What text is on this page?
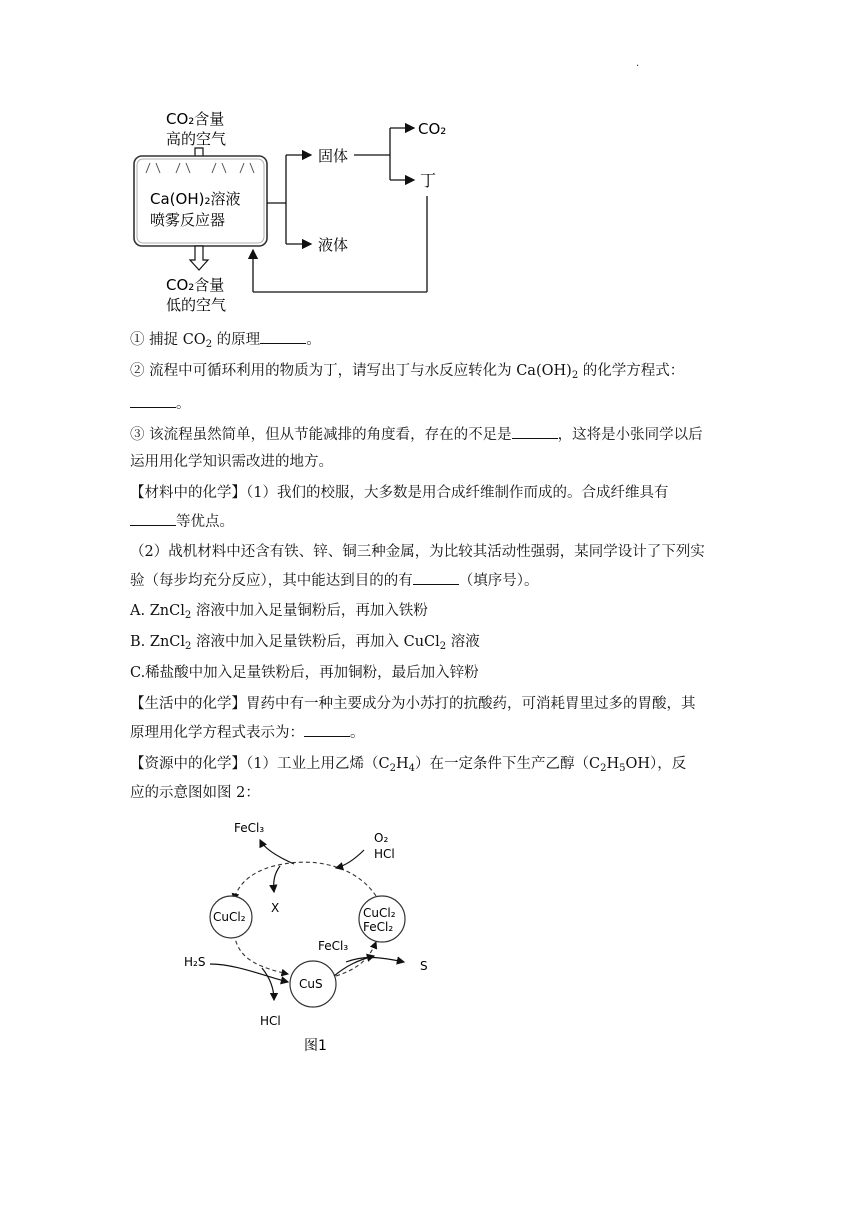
.
CO₂含量
高的空气
Ca(OH)₂溶液
喷雾反应器
CO₂含量
低的空气
固体
液体
CO₂
丁
① 捕捉 $CO_2$ 的原理	。
② 流程中可循环利用的物质为丁，请写出丁与水反应转化为 $Ca(OH)_2$ 的化学方程式：
。
③ 该流程虽然简单，但从节能减排的角度看，存在的不足是	，这将是小张同学以后
运用用化学知识需改进的地方。
【材料中的化学】（1）我们的校服，大多数是用合成纤维制作而成的。合成纤维具有
等优点。
（2）战机材料中还含有铁、锌、铜三种金属，为比较其活动性强弱，某同学设计了下列实
验（每步均充分反应），其中能达到目的的有	（填序号）。
A. ZnCl$_2$ 溶液中加入足量铜粉后，再加入铁粉
B. ZnCl$_2$ 溶液中加入足量铁粉后，再加入 CuCl$_2$ 溶液
C.稀盐酸中加入足量铁粉后，再加铜粉，最后加入锌粉
【生活中的化学】胃药中有一种主要成分为小苏打的抗酸药，可消耗胃里过多的胃酸，其
原理用化学方程式表示为：	。
【资源中的化学】（1）工业上用乙烯$(C_2H_4)$在一定条件下生产乙醇$(C_2H_5OH)$，反
应的示意图如图 2：
FeCl₃
O₂
HCl
X
CuCl₂	CuCl₂
FeCl₂
FeCl₃
S
H₂S
CuS
HCl
图1
